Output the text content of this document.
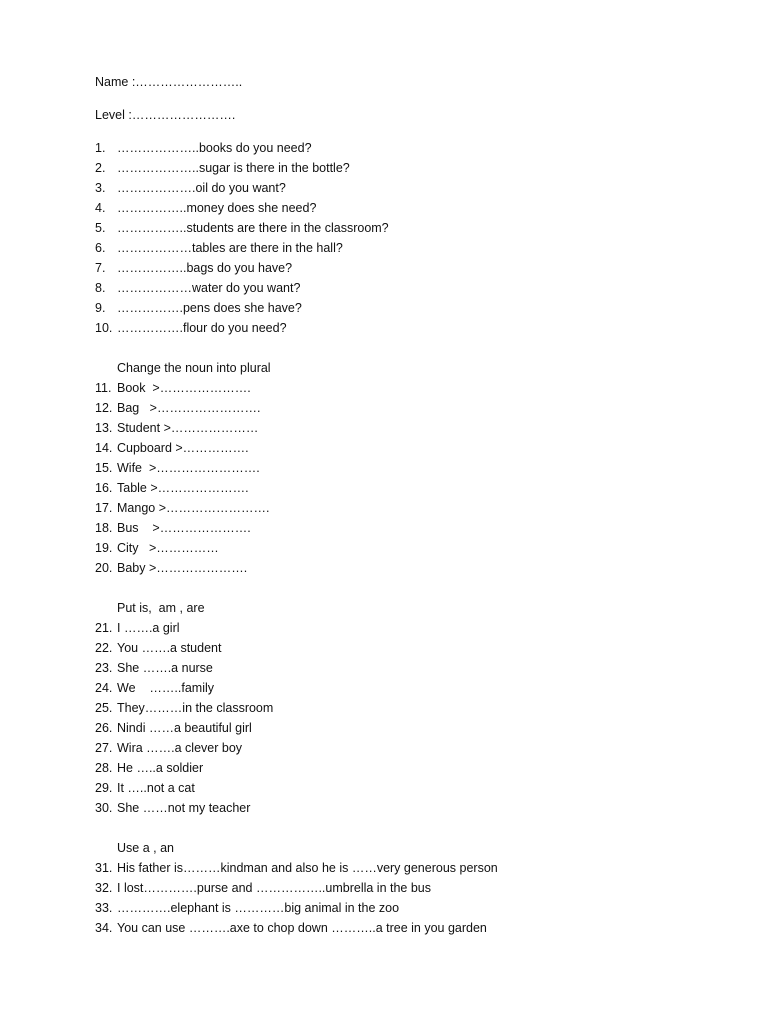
Name :……………………..
Level :…………………….
1. ………………..books do you need?
2. ………………..sugar is there in the bottle?
3. ……………….oil do you want?
4. ……………..money does she need?
5. ……………..students are there in the classroom?
6. ………………tables are there in the hall?
7. ……………..bags do you have?
8. ………………water do you want?
9. …………….pens does she have?
10. …………….flour do you need?
Change the noun into plural
11. Book  >………………….
12. Bag   >…………………….
13. Student >…………………
14. Cupboard >…………….
15. Wife  >…………………….
16. Table >………………….
17. Mango >…………………….
18. Bus    >………………….
19. City   >……………
20. Baby >………………….
Put is,  am , are
21. I …….a girl
22. You …….a student
23. She …….a nurse
24. We    ……..family
25. They………in the classroom
26. Nindi ……a beautiful girl
27. Wira …….a clever boy
28. He …..a soldier
29. It …..not a cat
30. She ……not my teacher
Use a , an
31. His father is………kindman and also he is ……very generous person
32. I lost………….purse and ……………..umbrella in the bus
33. ………….elephant is …………big animal in the zoo
34. You can use ……….axe to chop down ………..a tree in you garden
